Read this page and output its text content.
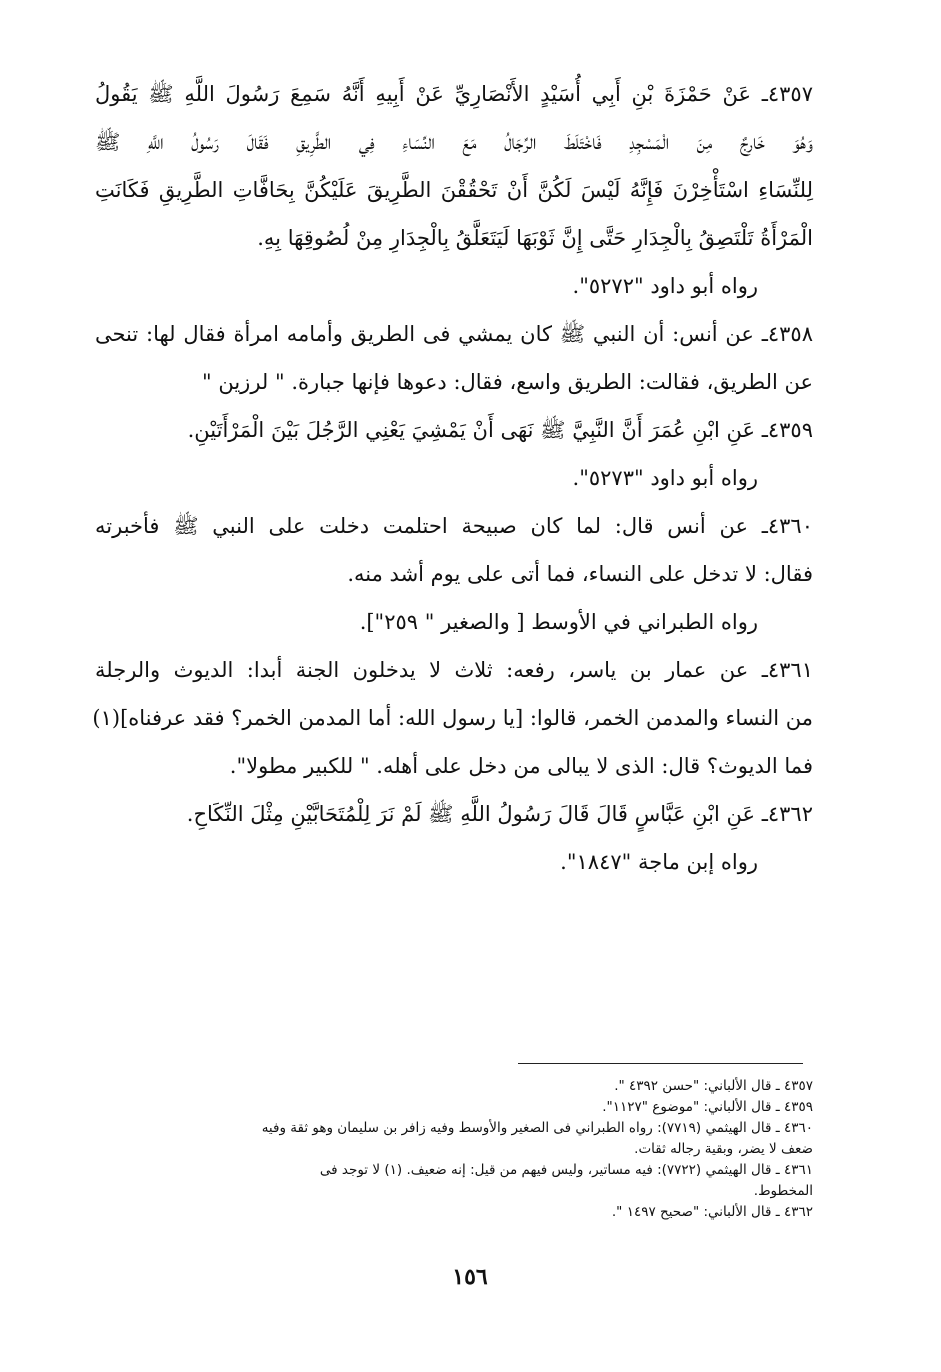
٤٣٥٧ـ عَنْ حَمْزَةَ بْنِ أَبِي أُسَيْدٍ الأَنْصَارِيِّ عَنْ أَبِيهِ أَنَّهُ سَمِعَ رَسُولَ اللَّهِ ﷺ يَقُولُ
وَهُوَ خَارِجٌ مِنَ الْمَسْجِدِ فَاخْتَلَطَ الرِّجَالُ مَعَ النِّسَاءِ فِي الطَّرِيقِ فَقَالَ رَسُولُ اللَّهِ ﷺ
لِلنِّسَاءِ اسْتَأْخِرْنَ فَإِنَّهُ لَيْسَ لَكُنَّ أَنْ تَحْقُقْنَ الطَّرِيقَ عَلَيْكُنَّ بِحَافَّاتِ الطَّرِيقِ فَكَانَتِ
الْمَرْأَةُ تَلْتَصِقُ بِالْجِدَارِ حَتَّى إِنَّ ثَوْبَهَا لَيَتَعَلَّقُ بِالْجِدَارِ مِنْ لُصُوقِهَا بِهِ.
رواه أبو داود "٥٢٧٢".
٤٣٥٨ـ عن أنس: أن النبي ﷺ كان يمشي فى الطريق وأمامه امرأة فقال لها: تنحى
عن الطريق، فقالت: الطريق واسع، فقال: دعوها فإنها جبارة. " لرزين "
٤٣٥٩ـ عَنِ ابْنِ عُمَرَ أَنَّ النَّبِيَّ ﷺ نَهَى أَنْ يَمْشِيَ يَعْنِي الرَّجُلَ بَيْنَ الْمَرْأَتَيْنِ.
رواه أبو داود "٥٢٧٣".
٤٣٦٠ـ عن أنس قال: لما كان صبيحة احتلمت دخلت على النبي ﷺ فأخبرته
فقال: لا تدخل على النساء، فما أتى على يوم أشد منه.
رواه الطبراني في الأوسط [ والصغير " ٢٥٩"].
٤٣٦١ـ عن عمار بن ياسر، رفعه: ثلاث لا يدخلون الجنة أبدا: الديوث والرجلة
من النساء والمدمن الخمر، قالوا: [يا رسول الله: أما المدمن الخمر؟ فقد عرفناه](١)
فما الديوث؟ قال: الذى لا يبالى من دخل على أهله. " للكبير مطولا".
٤٣٦٢ـ عَنِ ابْنِ عَبَّاسٍ قَالَ قَالَ رَسُولُ اللَّهِ ﷺ لَمْ نَرَ لِلْمُتَحَابَّيْنِ مِثْلَ النِّكَاحِ.
رواه إبن ماجة "١٨٤٧".
٤٣٥٧ ـ قال الألباني: "حسن ٤٣٩٢ ".
٤٣٥٩ ـ قال الألباني: "موضوع "١١٢٧".
٤٣٦٠ ـ قال الهيثمي (٧٧١٩): رواه الطبراني فى الصغير والأوسط وفيه زافر بن سليمان وهو ثقة وفيه
ضعف لا يضر، وبقية رجاله ثقات.
٤٣٦١ ـ قال الهيثمي (٧٧٢٢): فيه مساتير، وليس فيهم من قيل: إنه ضعيف. (١) لا توجد فى
المخطوط.
٤٣٦٢ ـ قال الألباني: "صحيح ١٤٩٧ ".
١٥٦
